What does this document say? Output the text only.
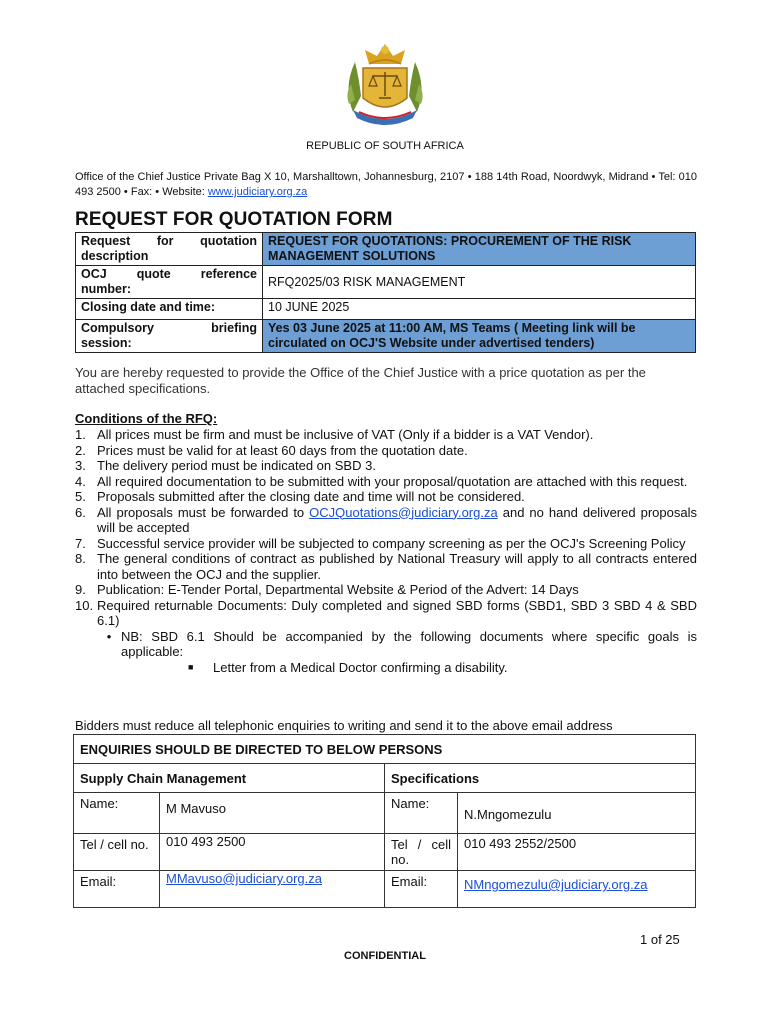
REPUBLIC OF SOUTH AFRICA
Office of the Chief Justice Private Bag X 10, Marshalltown, Johannesburg, 2107 • 188 14th Road, Noordwyk, Midrand • Tel: 010 493 2500 • Fax: • Website: www.judiciary.org.za
REQUEST FOR QUOTATION FORM
Request for quotation description	REQUEST FOR QUOTATIONS: PROCUREMENT OF THE RISK MANAGEMENT SOLUTIONS
OCJ quote reference number:	RFQ2025/03 RISK MANAGEMENT

Closing date and time:	10 JUNE 2025
Compulsory briefing session:	Yes 03 June 2025 at 11:00 AM, MS Teams ( Meeting link will be circulated on OCJ'S Website under advertised tenders)
You are hereby requested to provide the Office of the Chief Justice with a price quotation as per the attached specifications.
Conditions of the RFQ:
1. All prices must be firm and must be inclusive of VAT (Only if a bidder is a VAT Vendor).
2. Prices must be valid for at least 60 days from the quotation date.
3. The delivery period must be indicated on SBD 3.
4. All required documentation to be submitted with your proposal/quotation are attached with this request.
5. Proposals submitted after the closing date and time will not be considered.
6. All proposals must be forwarded to OCJQuotations@judiciary.org.za and no hand delivered proposals will be accepted
7. Successful service provider will be subjected to company screening as per the OCJ's Screening Policy
8. The general conditions of contract as published by National Treasury will apply to all contracts entered into between the OCJ and the supplier.
9. Publication: E-Tender Portal, Departmental Website & Period of the Advert: 14 Days
10. Required returnable Documents: Duly completed and signed SBD forms (SBD1, SBD 3 SBD 4 & SBD 6.1)
• NB: SBD 6.1 Should be accompanied by the following documents where specific goals is applicable:
■	Letter from a Medical Doctor confirming a disability.
Bidders must reduce all telephonic enquiries to writing and send it to the above email address
ENQUIRIES SHOULD BE DIRECTED TO BELOW PERSONS			
Supply Chain Management		Specifications	
Name:	M Mavuso	Name:	N.Mngomezulu
Tel / cell no.	010 493 2500	Tel / cell no.	010 493 2552/2500
Email:	MMavuso@judiciary.org.za	Email:	NMngomezulu@judiciary.org.za
1 of 25
CONFIDENTIAL
